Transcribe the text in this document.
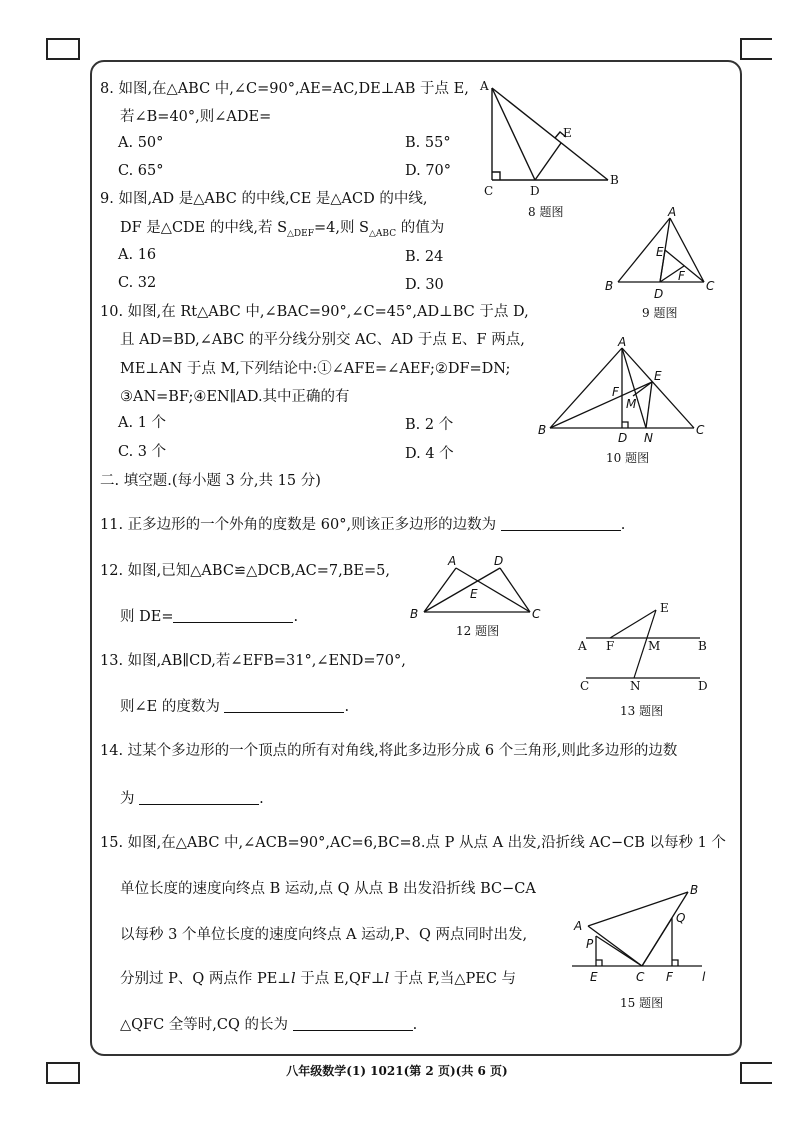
8. 如图,在△ABC 中,∠C=90°,AE=AC,DE⊥AB 于点 E,
若∠B=40°,则∠ADE=
A. 50°	B. 55°
C. 65°	D. 70°
A
E
C	D
B
8 题图
9. 如图,AD 是△ABC 的中线,CE 是△ACD 的中线,
DF 是△CDE 的中线,若 $S_{\triangle DEF}=4$,则 $S_{\triangle ABC}$ 的值为
A. 16	B. 24
C. 32	D. 30
A
E
F
B
D
C
9 题图
10. 如图,在 Rt△ABC 中,∠BAC=90°,∠C=45°,AD⊥BC 于点 D,
且 AD=BD,∠ABC 的平分线分别交 AC、AD 于点 E、F 两点,
ME⊥AN 于点 M,下列结论中:①∠AFE=∠AEF;②DF=DN;
③AN=BF;④EN∥AD.其中正确的有
A. 1 个	B. 2 个
C. 3 个	D. 4 个
A
E
F
M
B
D N
C
10 题图
二. 填空题.(每小题 3 分,共 15 分)
11. 正多边形的一个外角的度数是 60°,则该正多边形的边数为	.
12. 如图,已知△ABC≌△DCB,AC=7,BE=5,
则 DE=	.
A	D
E
B	C
12 题图
13. 如图,AB∥CD,若∠EFB=31°,∠END=70°,
则∠E 的度数为	.
E
A F	M	B
C	N	D
13 题图
14. 过某个多边形的一个顶点的所有对角线,将此多边形分成 6 个三角形,则此多边形的边数
为	.
15. 如图,在△ABC 中,∠ACB=90°,AC=6,BC=8.点 P 从点 A 出发,沿折线 AC−CB 以每秒 1 个
单位长度的速度向终点 B 运动,点 Q 从点 B 出发沿折线 BC−CA
以每秒 3 个单位长度的速度向终点 A 运动,P、Q 两点同时出发,
分别过 P、Q 两点作 PE⊥l 于点 E,QF⊥l 于点 F,当△PEC 与
△QFC 全等时,CQ 的长为	.
B
A
Q
P
E	C F l
15 题图
八年级数学(1) 1021(第 2 页)(共 6 页)
